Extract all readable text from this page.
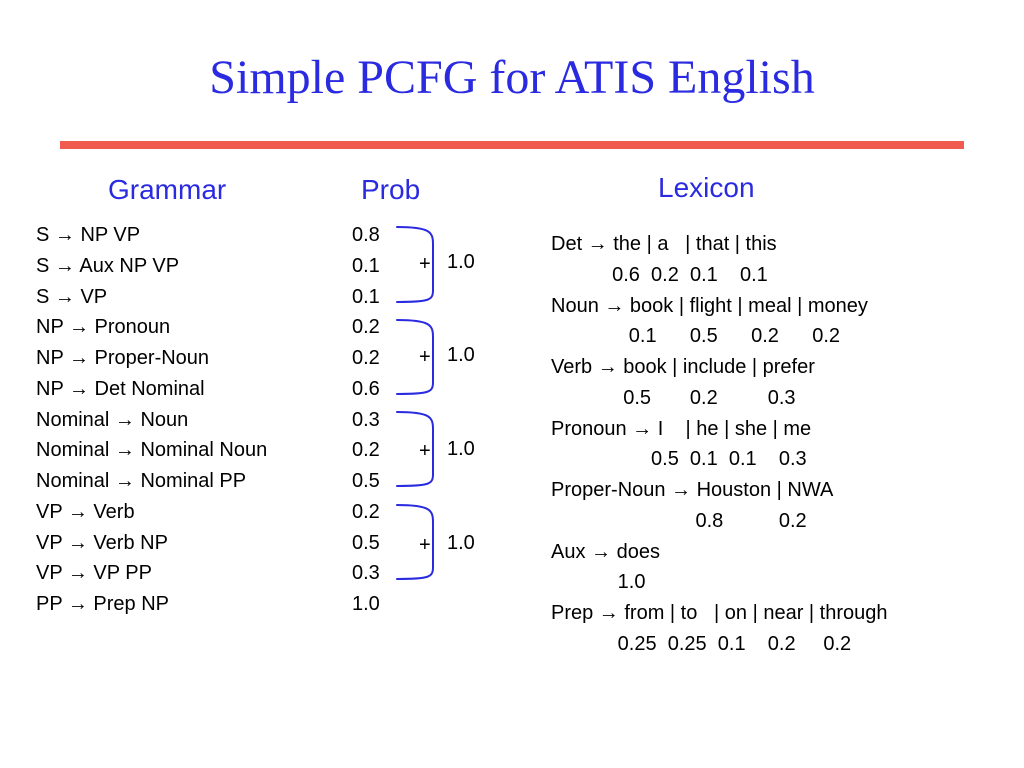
Simple PCFG for ATIS English
Grammar	Prob	Lexicon
S → NP VP
S → Aux NP VP
S → VP
NP → Pronoun
NP → Proper-Noun
NP → Det Nominal
Nominal → Noun
Nominal → Nominal Noun
Nominal → Nominal PP
VP → Verb
VP → Verb NP
VP → VP PP
PP → Prep NP
0.8
0.1
0.1
0.2
0.2
0.6
0.3
0.2
0.5
0.2
0.5
0.3
1.0
+ 1.0
+ 1.0
+ 1.0
+ 1.0
Det → the | a   | that | this
0.6  0.2  0.1    0.1
Noun → book | flight | meal | money
0.1      0.5      0.2      0.2
Verb → book | include | prefer
0.5       0.2         0.3
Pronoun → I    | he | she | me
0.5  0.1  0.1    0.3
Proper-Noun → Houston | NWA
0.8          0.2
Aux → does
1.0
Prep → from | to   | on | near | through
0.25  0.25  0.1    0.2     0.2
